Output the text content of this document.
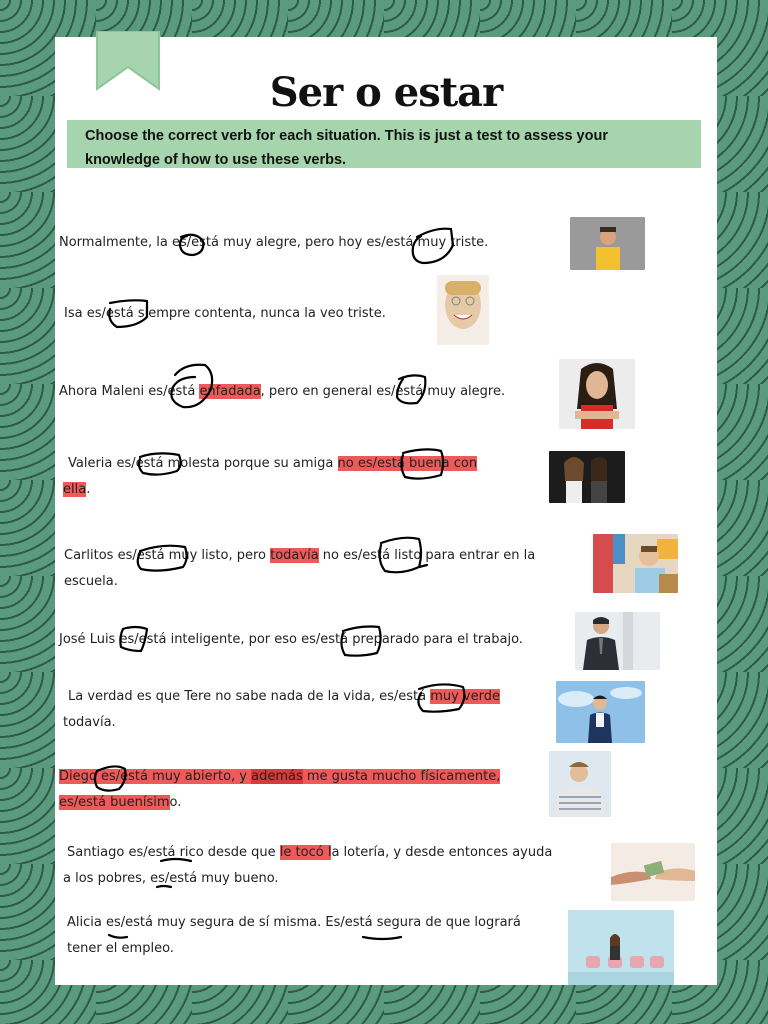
Ser o estar
Choose the correct verb for each situation. This is just a test to assess your knowledge of how to use these verbs.
Normalmente, la es/está muy alegre, pero hoy es/está muy triste.
Isa es/está siempre contenta, nunca la veo triste.
Ahora Maleni es/está enfadada, pero en general es/está muy alegre.
Valeria es/está molesta porque su amiga no es/está buena con
ella.
Carlitos es/está muy listo, pero todavía no es/está listo para entrar en la
escuela.
José Luis es/está inteligente, por eso es/está preparado para el trabajo.
La verdad es que Tere no sabe nada de la vida, es/está muy verde
todavía.
Diego es/está muy abierto, y además me gusta mucho físicamente,
es/está buenísimo.
Santiago es/está rico desde que le tocó la lotería, y desde entonces ayuda
a los pobres, es/está muy bueno.
Alicia es/está muy segura de sí misma. Es/está segura de que logrará
tener el empleo.
